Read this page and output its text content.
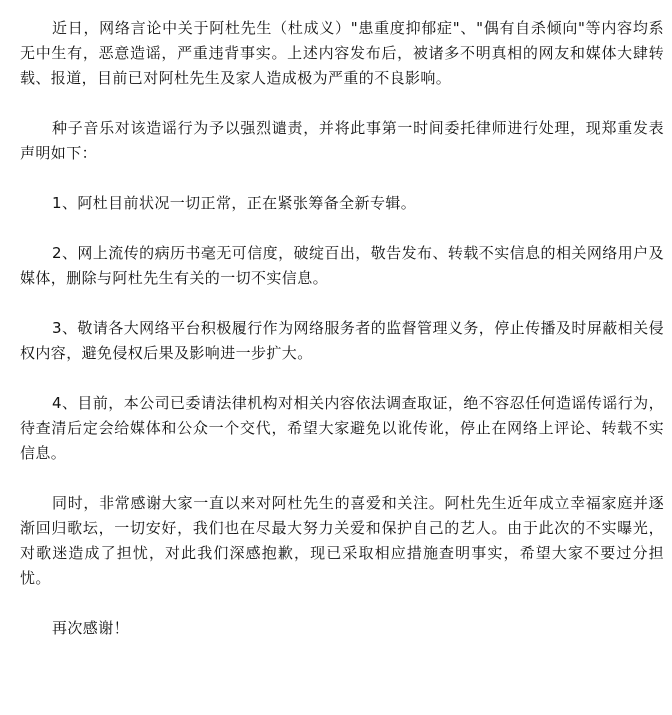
近日，网络言论中关于阿杜先生（杜成义）"患重度抑郁症"、"偶有自杀倾向"等内容均系无中生有，恶意造谣，严重违背事实。上述内容发布后，被诸多不明真相的网友和媒体大肆转载、报道，目前已对阿杜先生及家人造成极为严重的不良影响。

种子音乐对该造谣行为予以强烈谴责，并将此事第一时间委托律师进行处理，现郑重发表声明如下：

1、阿杜目前状况一切正常，正在紧张筹备全新专辑。

2、网上流传的病历书毫无可信度，破绽百出，敬告发布、转载不实信息的相关网络用户及媒体，删除与阿杜先生有关的一切不实信息。

3、敬请各大网络平台积极履行作为网络服务者的监督管理义务，停止传播及时屏蔽相关侵权内容，避免侵权后果及影响进一步扩大。

4、目前，本公司已委请法律机构对相关内容依法调查取证，绝不容忍任何造谣传谣行为，待查清后定会给媒体和公众一个交代，希望大家避免以讹传讹，停止在网络上评论、转载不实信息。

同时，非常感谢大家一直以来对阿杜先生的喜爱和关注。阿杜先生近年成立幸福家庭并逐渐回归歌坛，一切安好，我们也在尽最大努力关爱和保护自己的艺人。由于此次的不实曝光，对歌迷造成了担忧，对此我们深感抱歉，现已采取相应措施查明事实，希望大家不要过分担忧。

再次感谢！
